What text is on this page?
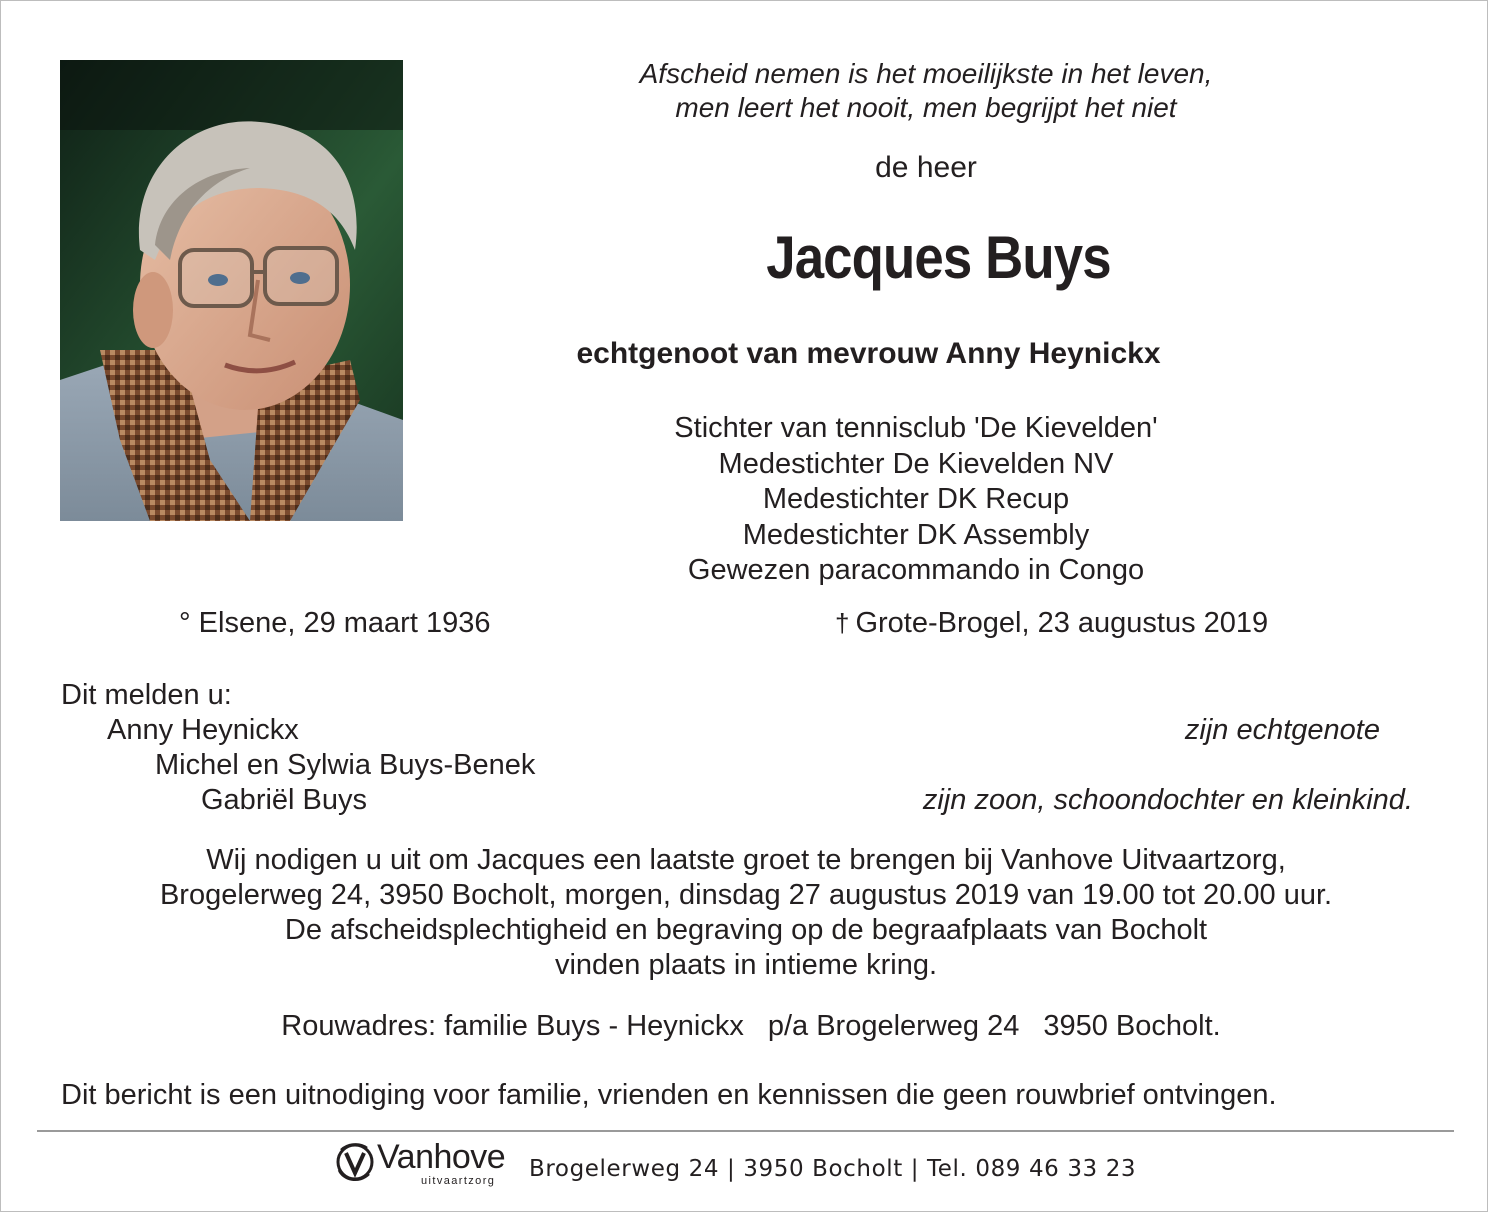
Afscheid nemen is het moeilijkste in het leven,
men leert het nooit, men begrijpt het niet
de heer
Jacques Buys
echtgenoot van mevrouw Anny Heynickx
Stichter van tennisclub 'De Kievelden'
Medestichter De Kievelden NV
Medestichter DK Recup
Medestichter DK Assembly
Gewezen paracommando in Congo
° Elsene, 29 maart 1936	† Grote-Brogel, 23 augustus 2019
Dit melden u:
Anny Heynickx
Michel en Sylwia Buys-Benek
Gabriël Buys
zijn echtgenote
zijn zoon, schoondochter en kleinkind.
Wij nodigen u uit om Jacques een laatste groet te brengen bij Vanhove Uitvaartzorg,
Brogelerweg 24, 3950 Bocholt, morgen, dinsdag 27 augustus 2019 van 19.00 tot 20.00 uur.
De afscheidsplechtigheid en begraving op de begraafplaats van Bocholt
vinden plaats in intieme kring.
Rouwadres: familie Buys - Heynickx p/a Brogelerweg 24 3950 Bocholt.
Dit bericht is een uitnodiging voor familie, vrienden en kennissen die geen rouwbrief ontvingen.
Vanhove
uitvaartzorg Brogelerweg 24 | 3950 Bocholt | Tel. 089 46 33 23
